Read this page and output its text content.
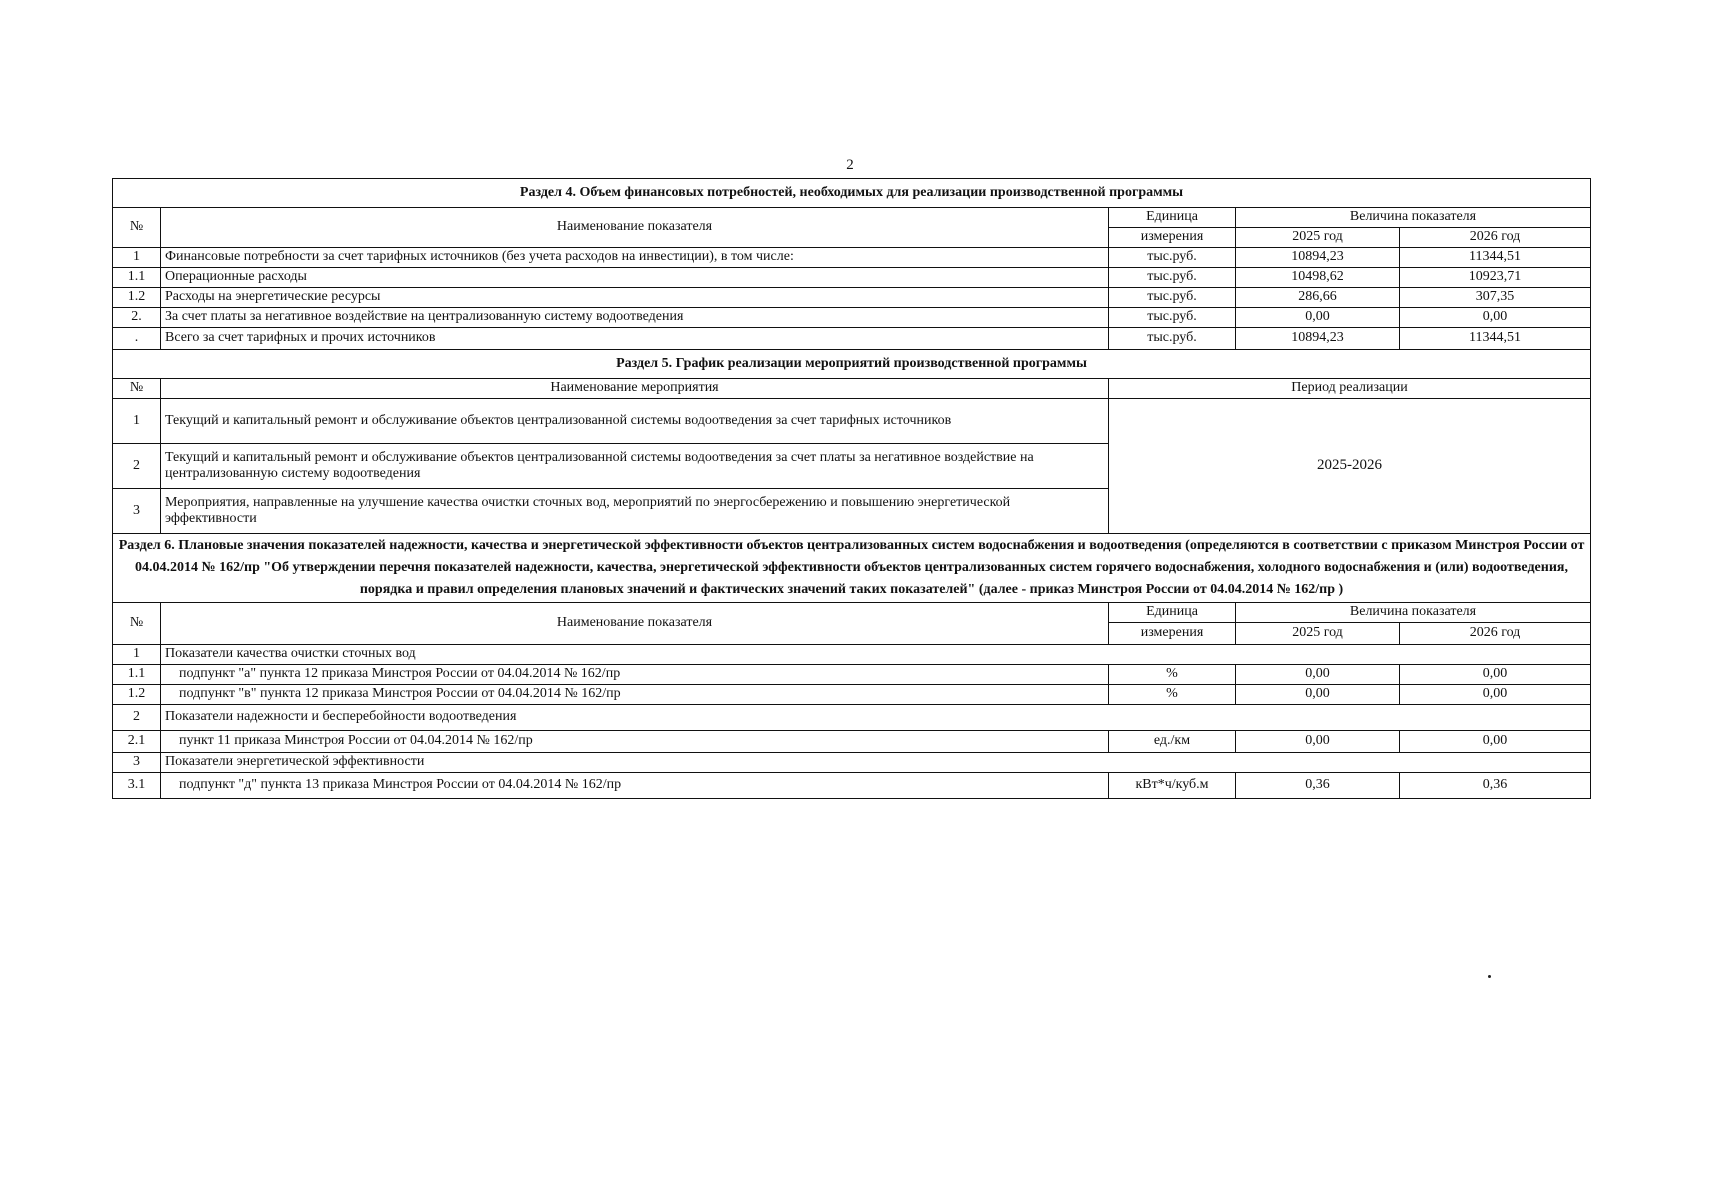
2
Раздел 4. Объем финансовых потребностей, необходимых для реализации производственной программы				
№	Наименование показателя	Единица	Величина показателя	
		измерения	2025 год	2026 год
1	Финансовые потребности за счет тарифных источников (без учета расходов на инвестиции), в том числе:	тыс.руб.	10894,23	11344,51
1.1	Операционные расходы	тыс.руб.	10498,62	10923,71
1.2	Расходы на энергетические ресурсы	тыс.руб.	286,66	307,35
2.	За счет платы за негативное воздействие на централизованную систему водоотведения	тыс.руб.	0,00	0,00
.	Всего за счет тарифных и прочих источников	тыс.руб.	10894,23	11344,51
Раздел 5. График реализации мероприятий производственной программы				
№	Наименование мероприятия	Период реализации		
1	Текущий и капитальный ремонт и обслуживание объектов централизованной системы водоотведения за счет тарифных источников	2025-2026		
2	Текущий и капитальный ремонт и обслуживание объектов централизованной системы водоотведения за счет платы за негативное воздействие на централизованную систему водоотведения			
3	Мероприятия, направленные на улучшение качества очистки сточных вод, мероприятий по энергосбережению и повышению энергетической эффективности			
Раздел 6. Плановые значения показателей надежности, качества и энергетической эффективности объектов централизованных систем водоснабжения и водоотведения (определяются в соответствии с приказом Минстроя России от 04.04.2014 № 162/пр "Об утверждении перечня показателей надежности, качества, энергетической эффективности объектов централизованных систем горячего водоснабжения, холодного водоснабжения и (или) водоотведения, порядка и правил определения плановых значений и фактических значений таких показателей" (далее - приказ Минстроя России от 04.04.2014 № 162/пр )				
№	Наименование показателя	Единица	Величина показателя	
		измерения	2025 год	2026 год
1	Показатели качества очистки сточных вод			
1.1	подпункт "а" пункта 12 приказа Минстроя России от 04.04.2014 № 162/пр	%	0,00	0,00
1.2	подпункт "в" пункта 12 приказа Минстроя России от 04.04.2014 № 162/пр	%	0,00	0,00
2	Показатели надежности и бесперебойности водоотведения			
2.1	пункт 11 приказа Минстроя России от 04.04.2014 № 162/пр	ед./км	0,00	0,00
3	Показатели энергетической эффективности			
3.1	подпункт "д" пункта 13 приказа Минстроя России от 04.04.2014 № 162/пр	кВт*ч/куб.м	0,36	0,36
